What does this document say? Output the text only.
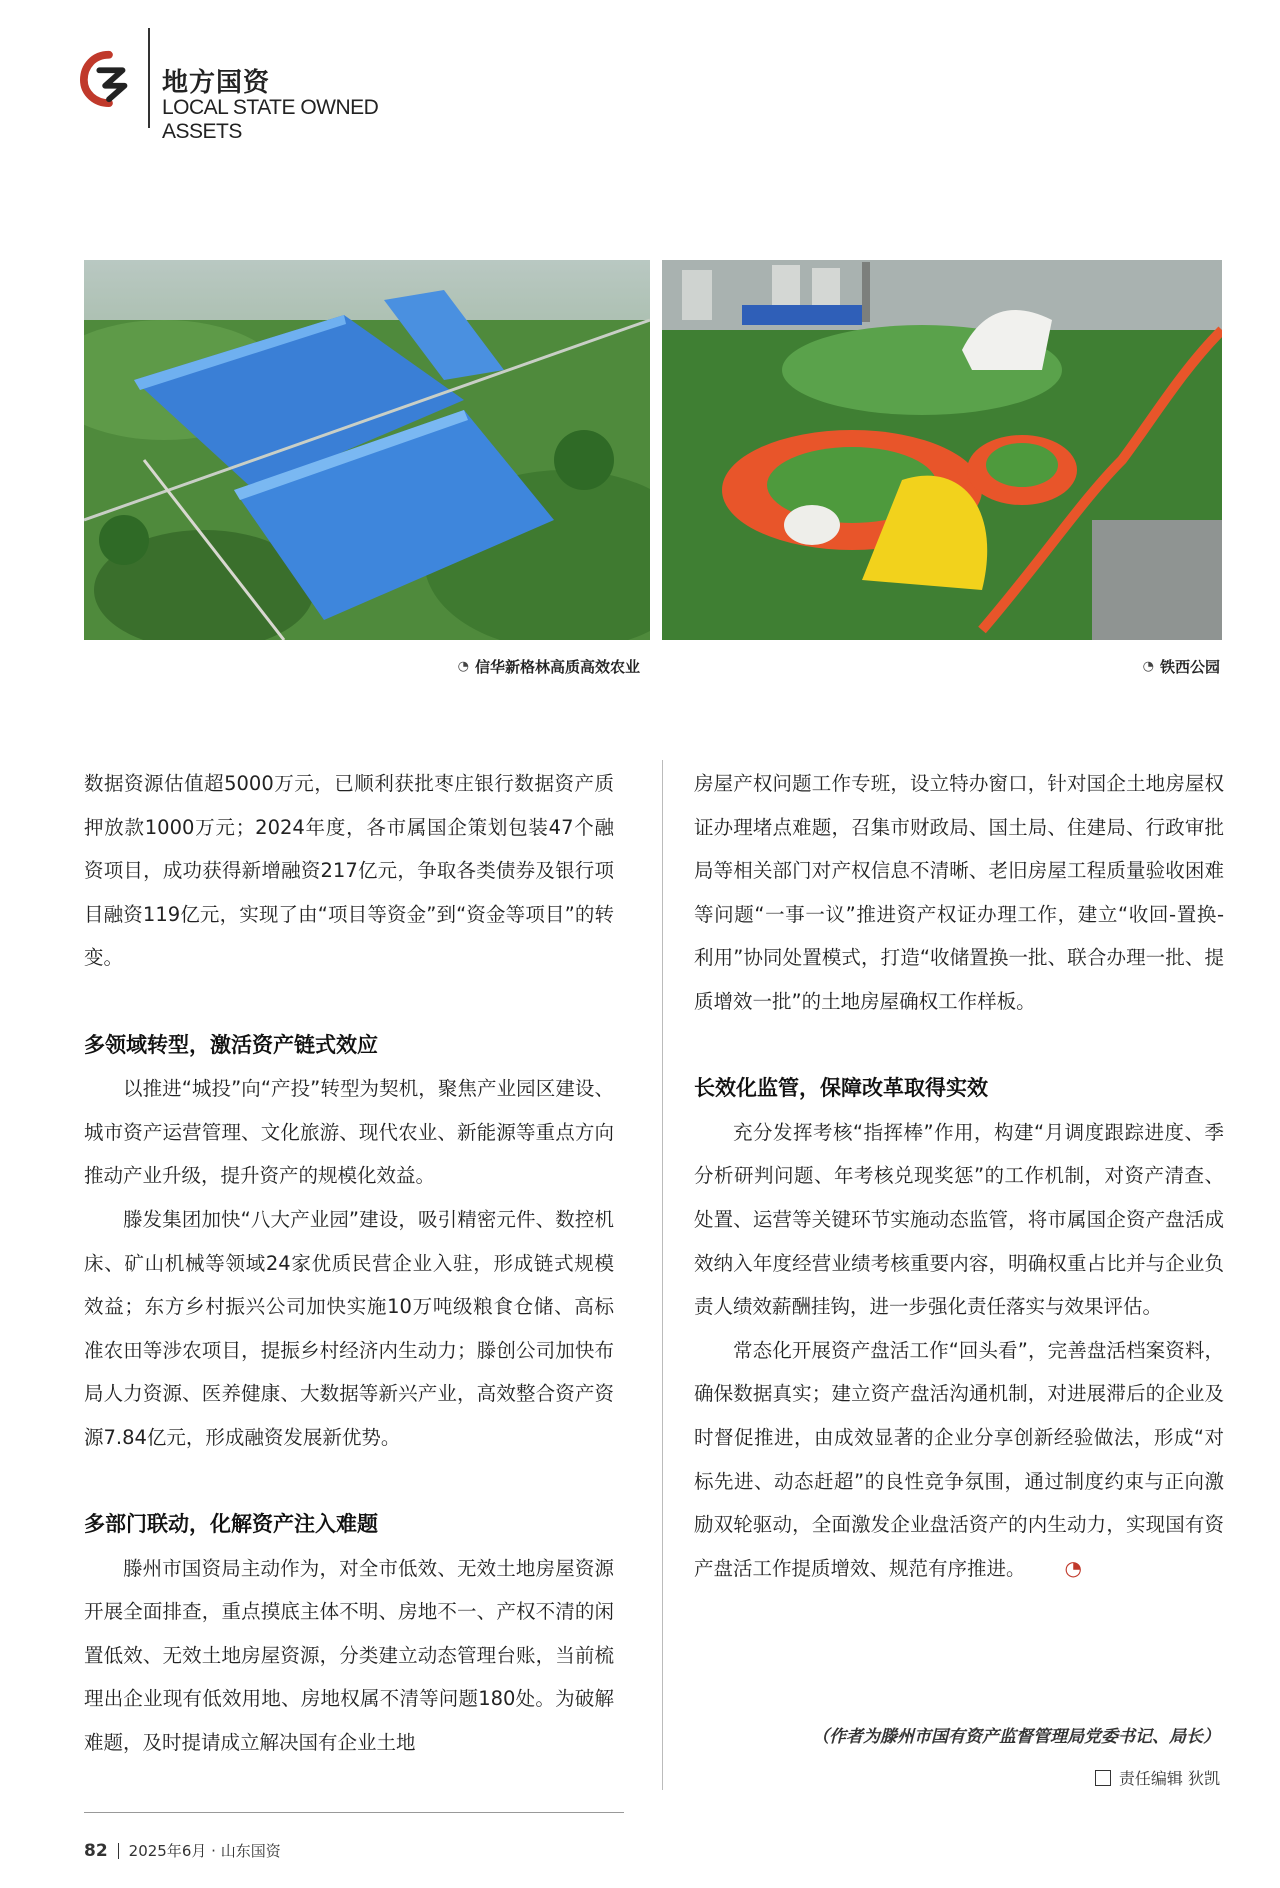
地方国资
LOCAL STATE OWNED ASSETS
◔ 信华新格林高质高效农业	◔ 铁西公园

数据资源估值超5000万元，已顺利获批枣庄银行数据资产质押放款1000万元；2024年度，各市属国企策划包装47个融资项目，成功获得新增融资217亿元，争取各类债券及银行项目融资119亿元，实现了由“项目等资金”到“资金等项目”的转变。

多领域转型，激活资产链式效应

以推进“城投”向“产投”转型为契机，聚焦产业园区建设、城市资产运营管理、文化旅游、现代农业、新能源等重点方向推动产业升级，提升资产的规模化效益。

滕发集团加快“八大产业园”建设，吸引精密元件、数控机床、矿山机械等领域24家优质民营企业入驻，形成链式规模效益；东方乡村振兴公司加快实施10万吨级粮食仓储、高标准农田等涉农项目，提振乡村经济内生动力；滕创公司加快布局人力资源、医养健康、大数据等新兴产业，高效整合资产资源7.84亿元，形成融资发展新优势。

多部门联动，化解资产注入难题

滕州市国资局主动作为，对全市低效、无效土地房屋资源开展全面排查，重点摸底主体不明、房地不一、产权不清的闲置低效、无效土地房屋资源，分类建立动态管理台账，当前梳理出企业现有低效用地、房地权属不清等问题180处。为破解难题，及时提请成立解决国有企业土地

房屋产权问题工作专班，设立特办窗口，针对国企土地房屋权证办理堵点难题，召集市财政局、国土局、住建局、行政审批局等相关部门对产权信息不清晰、老旧房屋工程质量验收困难等问题“一事一议”推进资产权证办理工作，建立“收回-置换-利用”协同处置模式，打造“收储置换一批、联合办理一批、提质增效一批”的土地房屋确权工作样板。

长效化监管，保障改革取得实效

充分发挥考核“指挥棒”作用，构建“月调度跟踪进度、季分析研判问题、年考核兑现奖惩”的工作机制，对资产清查、处置、运营等关键环节实施动态监管，将市属国企资产盘活成效纳入年度经营业绩考核重要内容，明确权重占比并与企业负责人绩效薪酬挂钩，进一步强化责任落实与效果评估。

常态化开展资产盘活工作“回头看”，完善盘活档案资料，确保数据真实；建立资产盘活沟通机制，对进展滞后的企业及时督促推进，由成效显著的企业分享创新经验做法，形成“对标先进、动态赶超”的良性竞争氛围，通过制度约束与正向激励双轮驱动，全面激发企业盘活资产的内生动力，实现国有资产盘活工作提质增效、规范有序推进。◔

（作者为滕州市国有资产监督管理局党委书记、局长）
责任编辑 狄凯
82 2025年6月 · 山东国资
